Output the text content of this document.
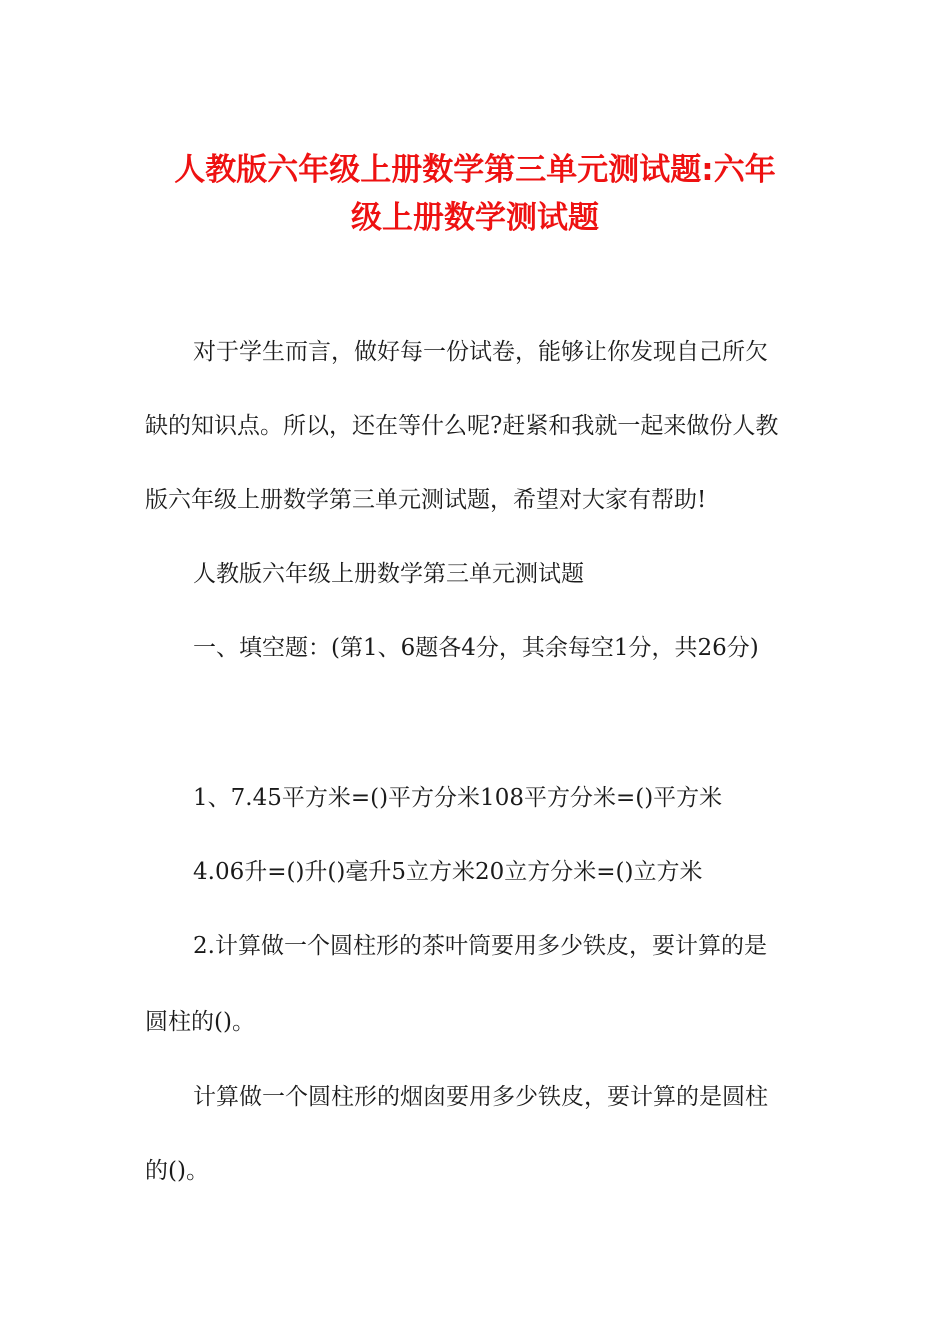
人教版六年级上册数学第三单元测试题:六年
级上册数学测试题
对于学生而言，做好每一份试卷，能够让你发现自己所欠
缺的知识点。所以，还在等什么呢?赶紧和我就一起来做份人教
版六年级上册数学第三单元测试题，希望对大家有帮助!
人教版六年级上册数学第三单元测试题
一、填空题：(第1、6题各4分，其余每空1分，共26分)
1、7.45平方米=()平方分米108平方分米=()平方米
4.06升=()升()毫升5立方米20立方分米=()立方米
2.计算做一个圆柱形的茶叶筒要用多少铁皮，要计算的是
圆柱的()。
计算做一个圆柱形的烟囱要用多少铁皮，要计算的是圆柱
的()。
